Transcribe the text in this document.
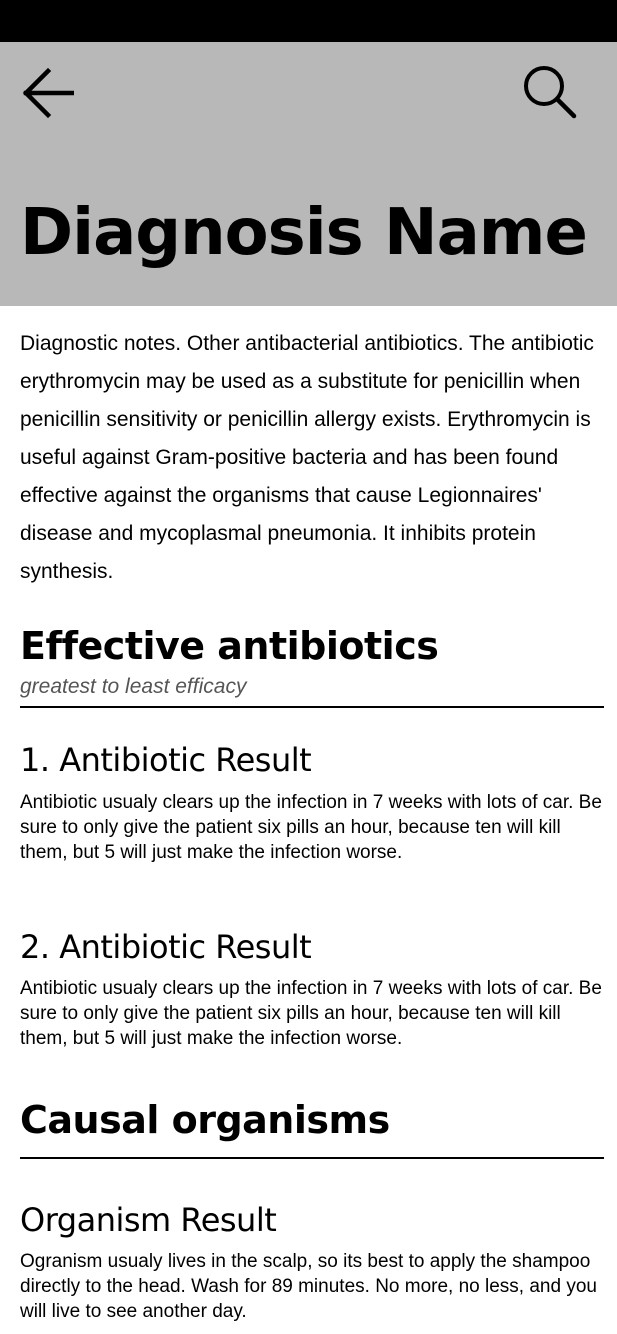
Diagnosis Name

Diagnostic notes. Other antibacterial antibiotics. The antibiotic erythromycin may be used as a substitute for penicillin when penicillin sensitivity or penicillin allergy exists. Erythromycin is useful against Gram-positive bacteria and has been found effective against the organisms that cause Legionnaires' disease and mycoplasmal pneumonia. It inhibits protein synthesis.

Effective antibiotics

greatest to least efficacy

1. Antibiotic Result

Antibiotic usualy clears up the infection in 7 weeks with lots of car. Be sure to only give the patient six pills an hour, because ten will kill them, but 5 will just make the infection worse.

2. Antibiotic Result

Antibiotic usualy clears up the infection in 7 weeks with lots of car. Be sure to only give the patient six pills an hour, because ten will kill them, but 5 will just make the infection worse.

Causal organisms
Organism Result

Ogranism usualy lives in the scalp, so its best to apply the shampoo directly to the head. Wash for 89 minutes. No more, no less, and you will live to see another day.
